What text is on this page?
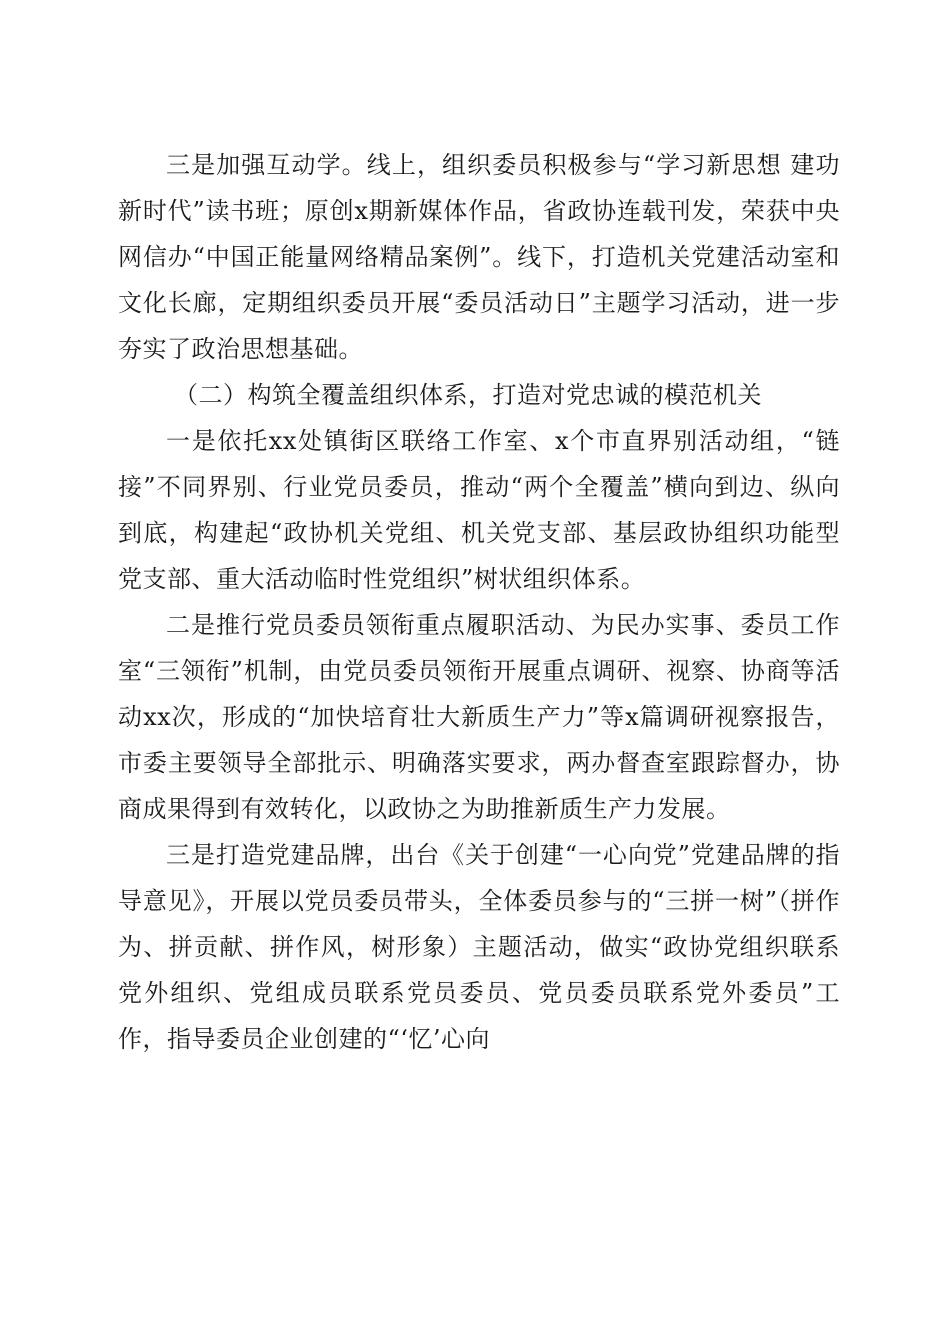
三是加强互动学。线上，组织委员积极参与“学习新思想 建功新时代”读书班；原创x期新媒体作品，省政协连载刊发，荣获中央网信办“中国正能量网络精品案例”。线下，打造机关党建活动室和文化长廊，定期组织委员开展“委员活动日”主题学习活动，进一步夯实了政治思想基础。

（二）构筑全覆盖组织体系，打造对党忠诚的模范机关

一是依托xx处镇街区联络工作室、x个市直界别活动组，“链接”不同界别、行业党员委员，推动“两个全覆盖”横向到边、纵向到底，构建起“政协机关党组、机关党支部、基层政协组织功能型党支部、重大活动临时性党组织”树状组织体系。

二是推行党员委员领衔重点履职活动、为民办实事、委员工作室“三领衔”机制，由党员委员领衔开展重点调研、视察、协商等活动xx次，形成的“加快培育壮大新质生产力”等x篇调研视察报告，市委主要领导全部批示、明确落实要求，两办督查室跟踪督办，协商成果得到有效转化，以政协之为助推新质生产力发展。

三是打造党建品牌，出台《关于创建“一心向党”党建品牌的指导意见》，开展以党员委员带头，全体委员参与的“三拼一树”（拼作为、拼贡献、拼作风，树形象）主题活动，做实“政协党组织联系党外组织、党组成员联系党员委员、党员委员联系党外委员”工作，指导委员企业创建的“‘忆’心向
